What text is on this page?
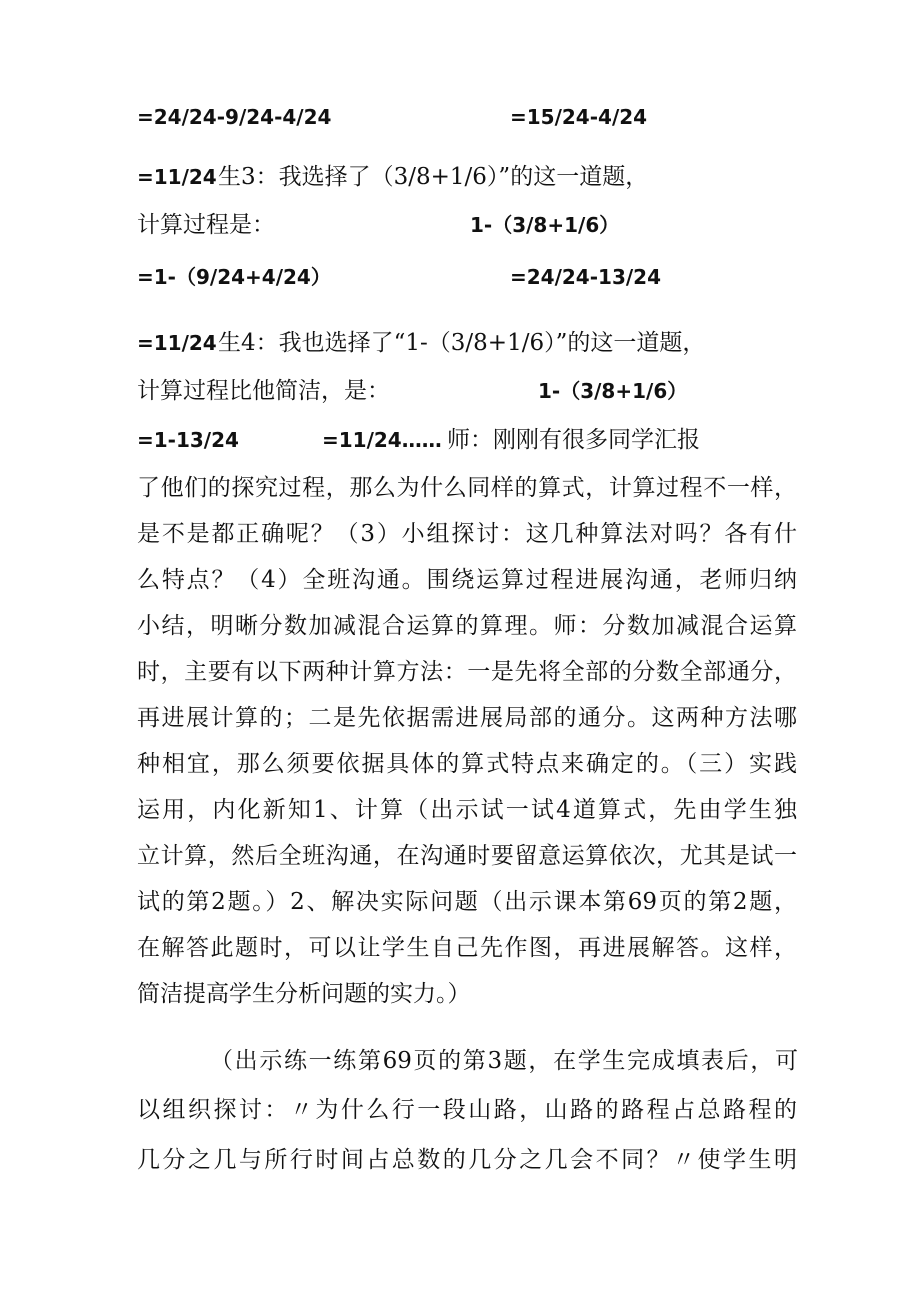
=24/24-9/24-4/24	=15/24-4/24
=11/24 生3：我选择了（3/8+1/6）”的这一道题，
计算过程是：	1-（3/8+1/6）
=1-（9/24+4/24）	=24/24-13/24
=11/24 生4：我也选择了“1-（3/8+1/6）”的这一道题，
计算过程比他简洁，是：	1-（3/8+1/6）
=1-13/24	=11/24…… 师：刚刚有很多同学汇报
了他们的探究过程，那么为什么同样的算式，计算过程不一样，
是不是都正确呢？（3）小组探讨：这几种算法对吗？各有什
么特点？（4）全班沟通。围绕运算过程进展沟通，老师归纳
小结，明晰分数加减混合运算的算理。师：分数加减混合运算
时，主要有以下两种计算方法：一是先将全部的分数全部通分，
再进展计算的；二是先依据需进展局部的通分。这两种方法哪
种相宜，那么须要依据具体的算式特点来确定的。（三）实践
运用，内化新知1、计算（出示试一试4道算式，先由学生独
立计算，然后全班沟通，在沟通时要留意运算依次，尤其是试一
试的第2题。）2、解决实际问题（出示课本第69页的第2题，
在解答此题时，可以让学生自己先作图，再进展解答。这样，
简洁提高学生分析问题的实力。）
（出示练一练第69页的第3题，在学生完成填表后，可
以组织探讨：〃为什么行一段山路，山路的路程占总路程的
几分之几与所行时间占总数的几分之几会不同？〃使学生明
